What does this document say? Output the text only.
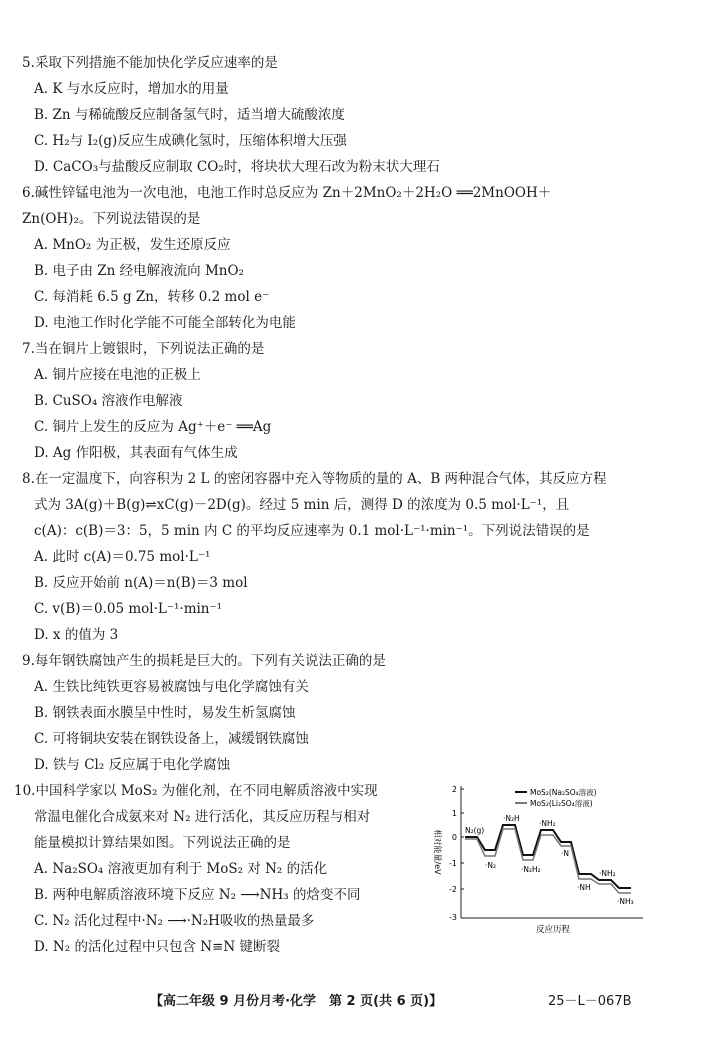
5.采取下列措施不能加快化学反应速率的是
A. K 与水反应时，增加水的用量
B. Zn 与稀硫酸反应制备氢气时，适当增大硫酸浓度
C. H₂与 I₂(g)反应生成碘化氢时，压缩体积增大压强
D. CaCO₃与盐酸反应制取 CO₂时，将块状大理石改为粉末状大理石
6.碱性锌锰电池为一次电池，电池工作时总反应为 Zn＋2MnO₂＋2H₂O ══2MnOOH＋
Zn(OH)₂。下列说法错误的是
A. MnO₂ 为正极，发生还原反应
B. 电子由 Zn 经电解液流向 MnO₂
C. 每消耗 6.5 g Zn，转移 0.2 mol e⁻
D. 电池工作时化学能不可能全部转化为电能
7.当在铜片上镀银时，下列说法正确的是
A. 铜片应接在电池的正极上
B. CuSO₄ 溶液作电解液
C. 铜片上发生的反应为 Ag⁺＋e⁻ ══Ag
D. Ag 作阳极，其表面有气体生成
8.在一定温度下，向容积为 2 L 的密闭容器中充入等物质的量的 A、B 两种混合气体，其反应方程
式为 3A(g)＋B(g)⇌xC(g)－2D(g)。经过 5 min 后，测得 D 的浓度为 0.5 mol·L⁻¹，且
c(A)：c(B)＝3：5，5 min 内 C 的平均反应速率为 0.1 mol·L⁻¹·min⁻¹。下列说法错误的是
A. 此时 c(A)＝0.75 mol·L⁻¹
B. 反应开始前 n(A)＝n(B)＝3 mol
C. v(B)＝0.05 mol·L⁻¹·min⁻¹
D. x 的值为 3
9.每年钢铁腐蚀产生的损耗是巨大的。下列有关说法正确的是
A. 生铁比纯铁更容易被腐蚀与电化学腐蚀有关
B. 钢铁表面水膜呈中性时，易发生析氢腐蚀
C. 可将铜块安装在钢铁设备上，减缓钢铁腐蚀
D. 铁与 Cl₂ 反应属于电化学腐蚀
10.中国科学家以 MoS₂ 为催化剂，在不同电解质溶液中实现
常温电催化合成氨来对 N₂ 进行活化，其反应历程与相对
能量模拟计算结果如图。下列说法正确的是
A. Na₂SO₄ 溶液更加有利于 MoS₂ 对 N₂ 的活化
B. 两种电解质溶液环境下反应 N₂ ⟶NH₃ 的焓变不同
C. N₂ 活化过程中·N₂ ⟶·N₂H吸收的热量最多
D. N₂ 的活化过程中只包含 N≡N 键断裂
相对能量/eV
2
1
0
-1
-2
-3
MoS₂(Na₂SO₄溶液)
MoS₂(Li₂SO₄溶液)
N₂(g)
·N₂
·N₂H
·N₂H₂
·NH₂
·N
·NH
·NH₂
·NH₃
反应历程
【高二年级 9 月份月考·化学　第 2 页(共 6 页)】	25－L－067B
